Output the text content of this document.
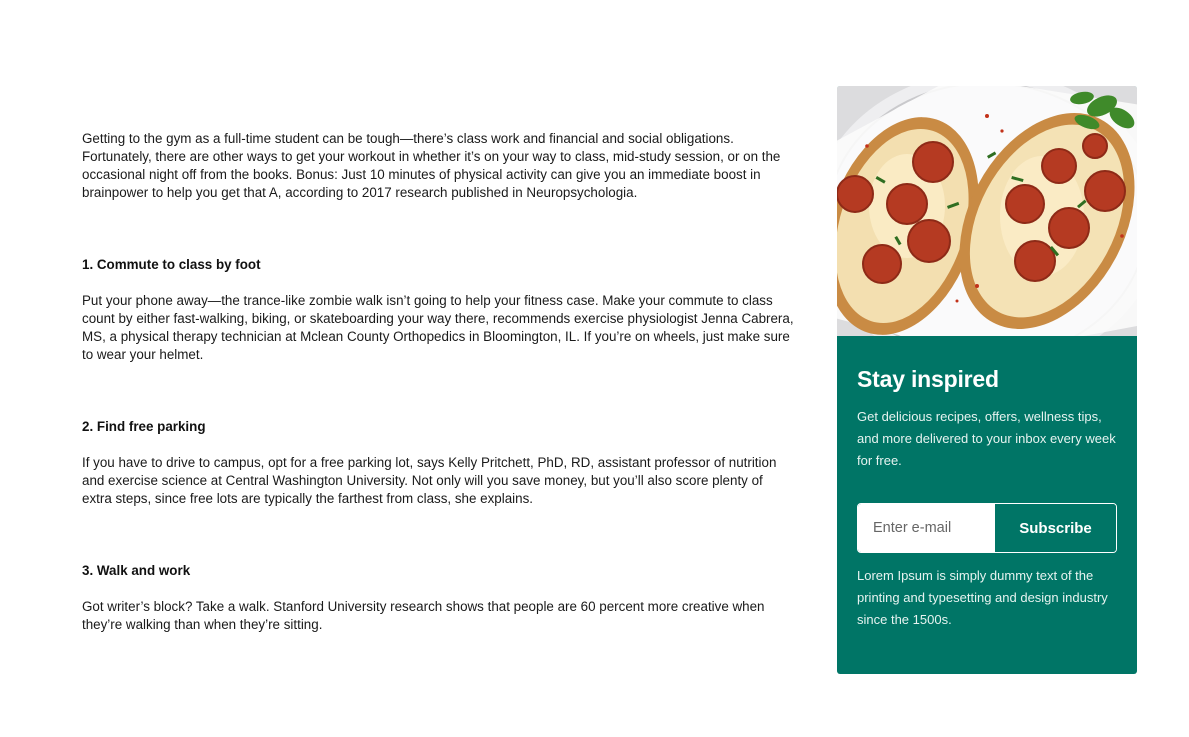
Getting to the gym as a full-time student can be tough—there’s class work and financial and social obligations. Fortunately, there are other ways to get your workout in whether it’s on your way to class, mid-study session, or on the occasional night off from the books. Bonus: Just 10 minutes of physical activity can give you an immediate boost in brainpower to help you get that A, according to 2017 research published in Neuropsychologia.

1. Commute to class by foot

Put your phone away—the trance-like zombie walk isn’t going to help your fitness case. Make your commute to class count by either fast-walking, biking, or skateboarding your way there, recommends exercise physiologist Jenna Cabrera, MS, a physical therapy technician at Mclean County Orthopedics in Bloomington, IL. If you’re on wheels, just make sure to wear your helmet.

2. Find free parking

If you have to drive to campus, opt for a free parking lot, says Kelly Pritchett, PhD, RD, assistant professor of nutrition and exercise science at Central Washington University. Not only will you save money, but you’ll also score plenty of extra steps, since free lots are typically the farthest from class, she explains.

3. Walk and work

Got writer’s block? Take a walk. Stanford University research shows that people are 60 percent more creative when they’re walking than when they’re sitting.

Stay inspired

Get delicious recipes, offers, wellness tips, and more delivered to your inbox every week for free.

Enter e-mail
Subscribe

Lorem Ipsum is simply dummy text of the printing and typesetting and design industry since the 1500s.
